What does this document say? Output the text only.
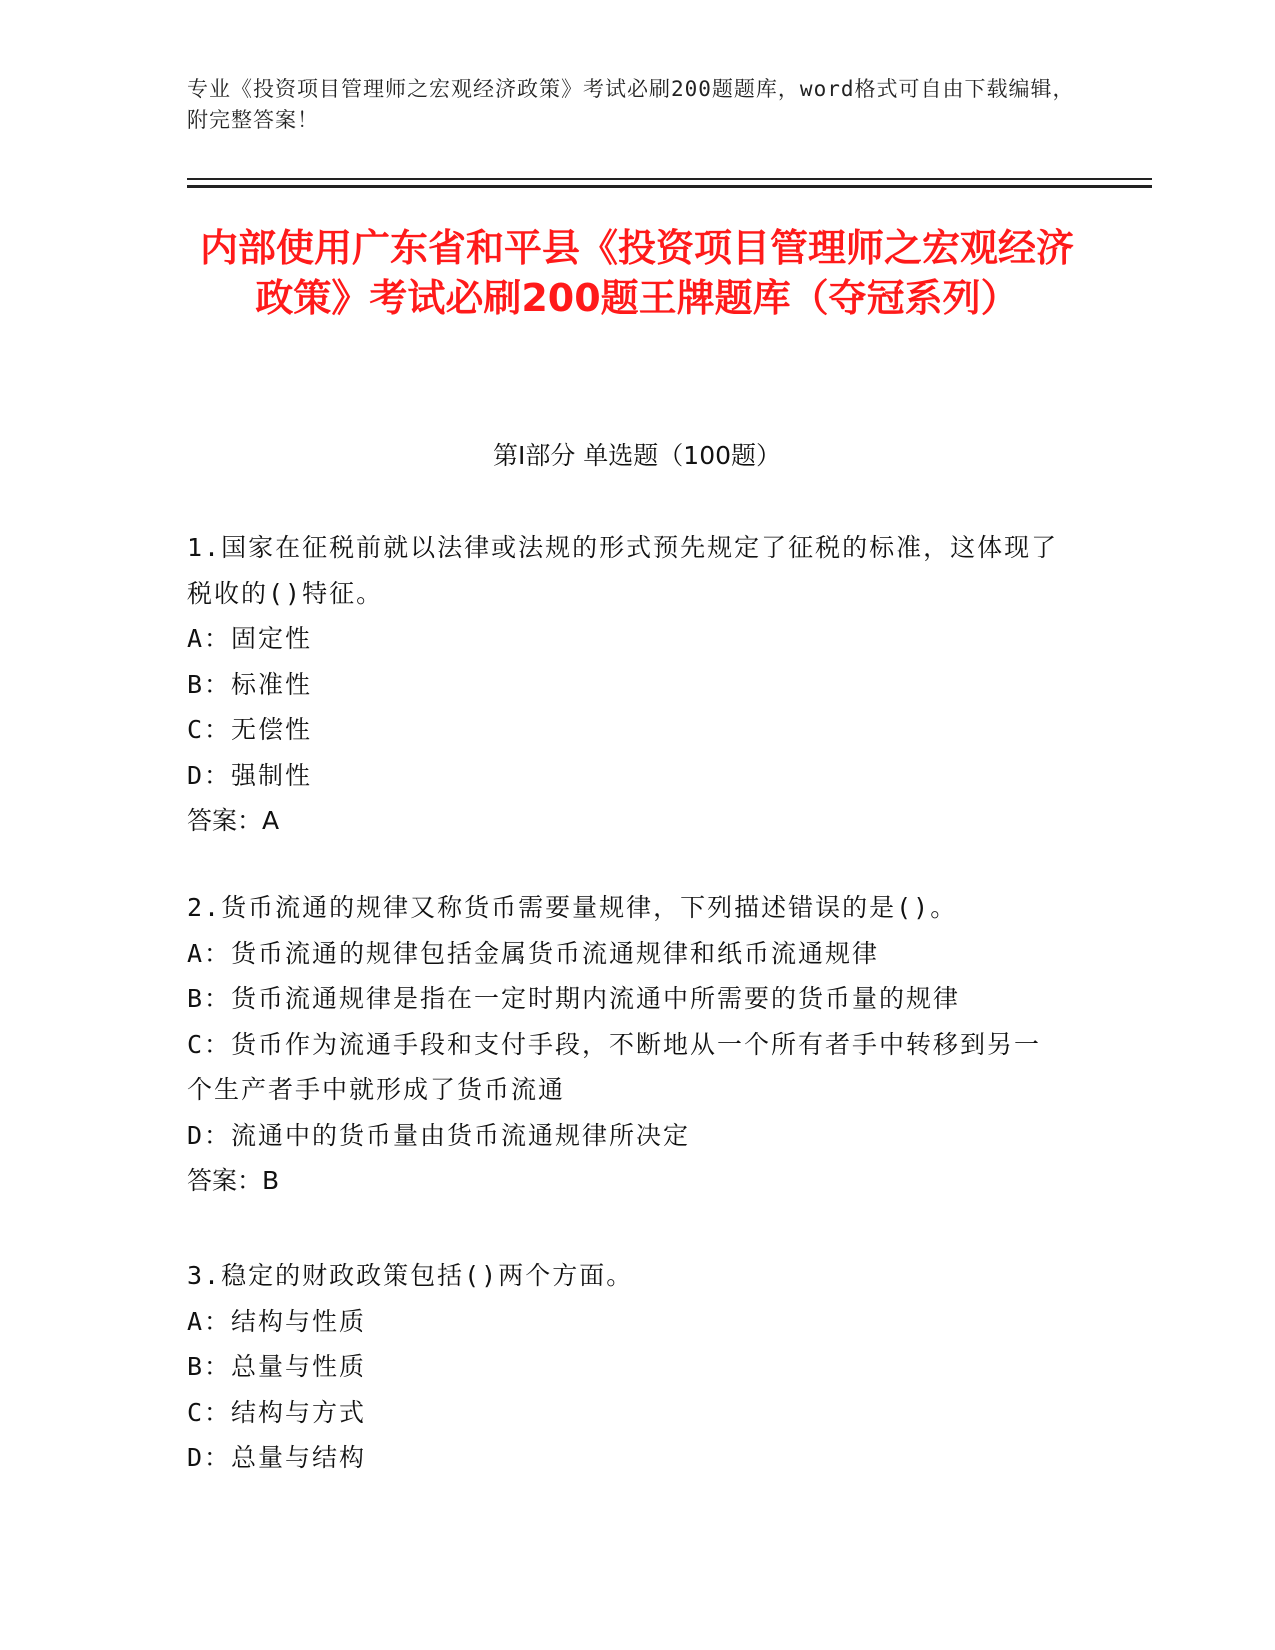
专业《投资项目管理师之宏观经济政策》考试必刷200题题库，word格式可自由下载编辑，附完整答案！
内部使用广东省和平县《投资项目管理师之宏观经济政策》考试必刷200题王牌题库（夺冠系列）
第I部分 单选题（100题）
1.国家在征税前就以法律或法规的形式预先规定了征税的标准，这体现了税收的()特征。
A：固定性
B：标准性
C：无偿性
D：强制性
答案：A
2.货币流通的规律又称货币需要量规律，下列描述错误的是()。
A：货币流通的规律包括金属货币流通规律和纸币流通规律
B：货币流通规律是指在一定时期内流通中所需要的货币量的规律
C：货币作为流通手段和支付手段，不断地从一个所有者手中转移到另一个生产者手中就形成了货币流通
D：流通中的货币量由货币流通规律所决定
答案：B
3.稳定的财政政策包括()两个方面。
A：结构与性质
B：总量与性质
C：结构与方式
D：总量与结构
